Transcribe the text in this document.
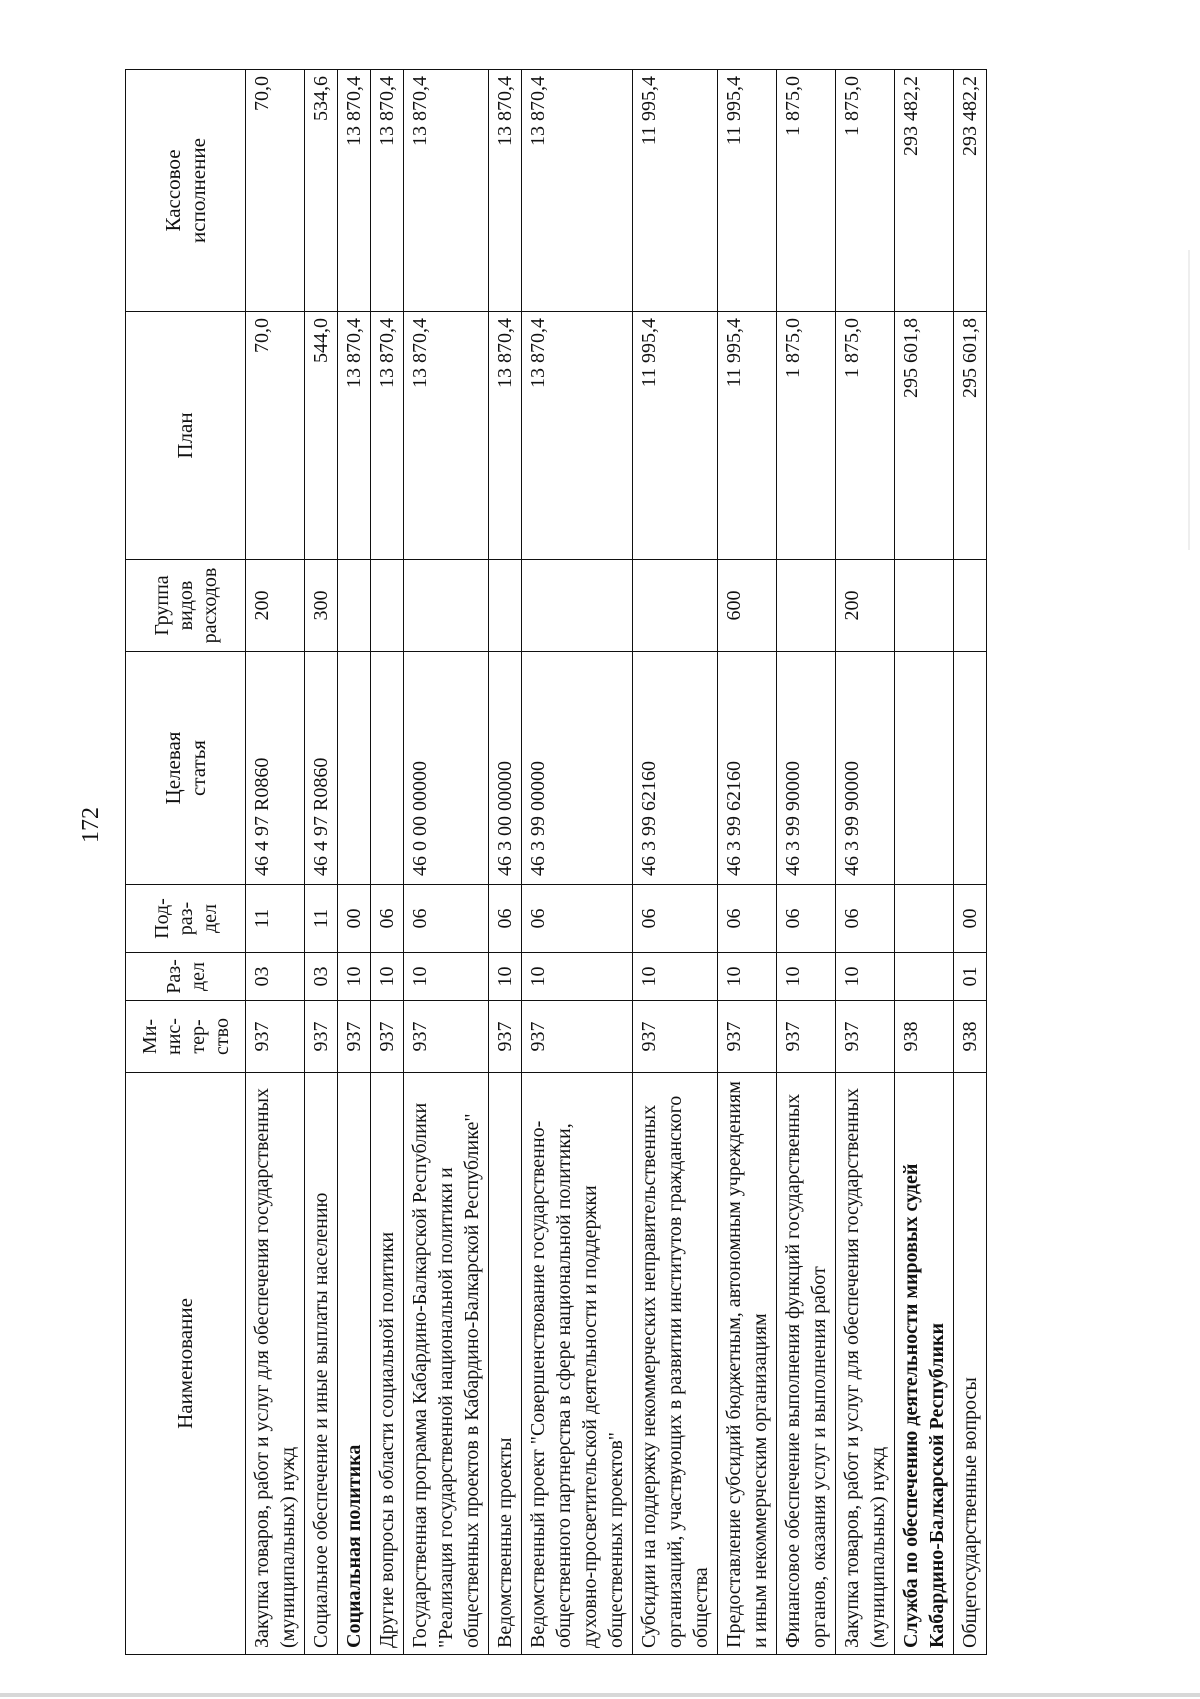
172
Наименование	Ми-
нис-
тер-
ство	Раз-
дел	Под-
раз-
дел	Целевая
статья	Группа
видов
расходов	План	Кассовое
исполнение
Закупка товаров, работ и услуг для обеспечения государственных (муниципальных) нужд	937	03	11	46 4 97 R0860	200	70,0	70,0
Социальное обеспечение и иные выплаты населению	937	03	11	46 4 97 R0860	300	544,0	534,6
Социальная политика	937	10	00			13 870,4	13 870,4
Другие вопросы в области социальной политики	937	10	06			13 870,4	13 870,4
Государственная программа Кабардино-Балкарской Республики "Реализация государственной национальной политики и общественных проектов в Кабардино-Балкарской Республике"	937	10	06	46 0 00 00000		13 870,4	13 870,4
Ведомственные проекты	937	10	06	46 3 00 00000		13 870,4	13 870,4
Ведомственный проект "Совершенствование государственно-общественного партнерства в сфере национальной политики, духовно-просветительской деятельности и поддержки общественных проектов"	937	10	06	46 3 99 00000		13 870,4	13 870,4
Субсидии на поддержку некоммерческих неправительственных организаций, участвующих в развитии институтов гражданского общества	937	10	06	46 3 99 62160		11 995,4	11 995,4
Предоставление субсидий бюджетным, автономным учреждениям и иным некоммерческим организациям	937	10	06	46 3 99 62160	600	11 995,4	11 995,4
Финансовое обеспечение выполнения функций государственных органов, оказания услуг и выполнения работ	937	10	06	46 3 99 90000		1 875,0	1 875,0
Закупка товаров, работ и услуг для обеспечения государственных (муниципальных) нужд	937	10	06	46 3 99 90000	200	1 875,0	1 875,0
Служба по обеспечению деятельности мировых судей Кабардино-Балкарской Республики	938					295 601,8	293 482,2
Общегосударственные вопросы	938	01	00			295 601,8	293 482,2
